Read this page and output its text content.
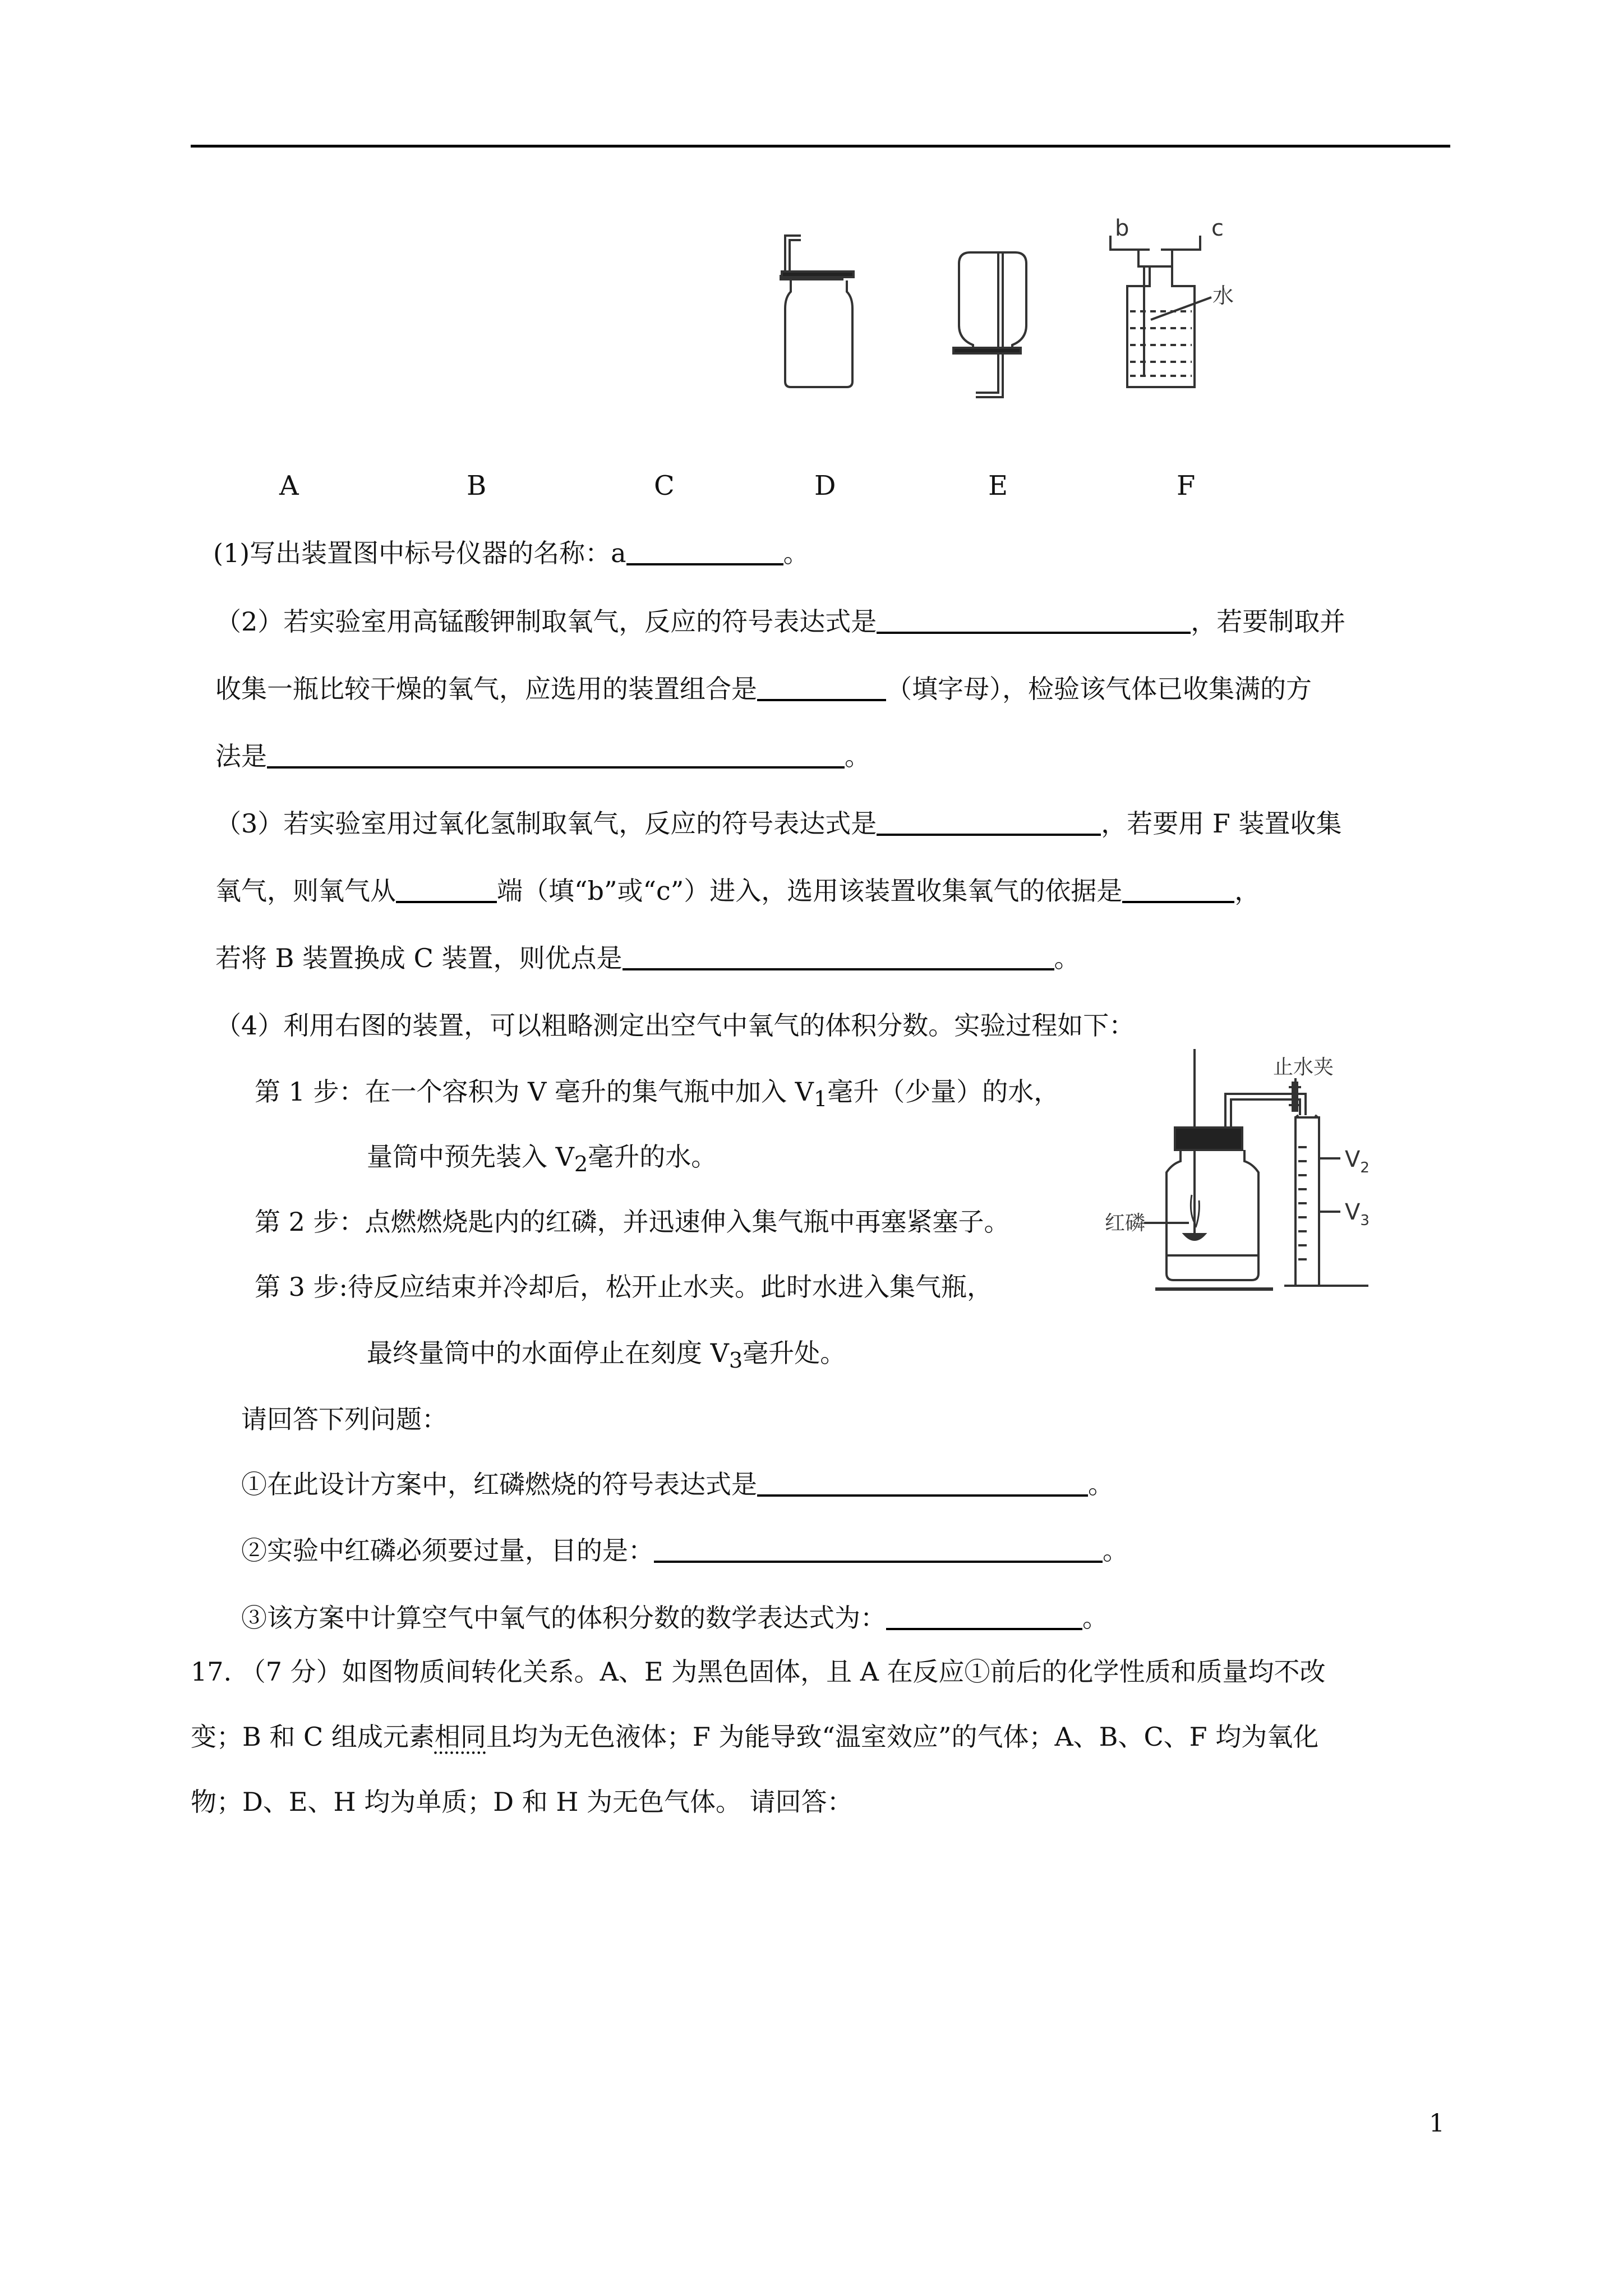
b	c
水
A	B	C	D	E	F
(1)写出装置图中标号仪器的名称：a	。
（2）若实验室用高锰酸钾制取氧气，反应的符号表达式是	，若要制取并
收集一瓶比较干燥的氧气，应选用的装置组合是	（填字母），检验该气体已收集满的方
法是	。
（3）若实验室用过氧化氢制取氧气，反应的符号表达式是	，若要用 F 装置收集
氧气，则氧气从	端（填“b”或“c”）进入，选用该装置收集氧气的依据是	，
若将 B 装置换成 C 装置，则优点是	。
（4）利用右图的装置，可以粗略测定出空气中氧气的体积分数。实验过程如下：
第 1 步：在一个容积为 V 毫升的集气瓶中加入 $V_1$毫升（少量）的水，
量筒中预先装入 $V_2$毫升的水。
第 2 步：点燃燃烧匙内的红磷，并迅速伸入集气瓶中再塞紧塞子。
第 3 步:待反应结束并冷却后，松开止水夹。此时水进入集气瓶，
最终量筒中的水面停止在刻度 $V_3$毫升处。
止水夹
红磷
$V_2$
$V_3$
请回答下列问题：
①在此设计方案中，红磷燃烧的符号表达式是	。
②实验中红磷必须要过量，目的是：	。
③该方案中计算空气中氧气的体积分数的数学表达式为：	。
17. （7 分）如图物质间转化关系。A、E 为黑色固体，且 A 在反应①前后的化学性质和质量均不改
变；B 和 C 组成元素相同且均为无色液体；F 为能导致“温室效应”的气体；A、B、C、F 均为氧化
物；D、E、H 均为单质；D 和 H 为无色气体。 请回答：
1
